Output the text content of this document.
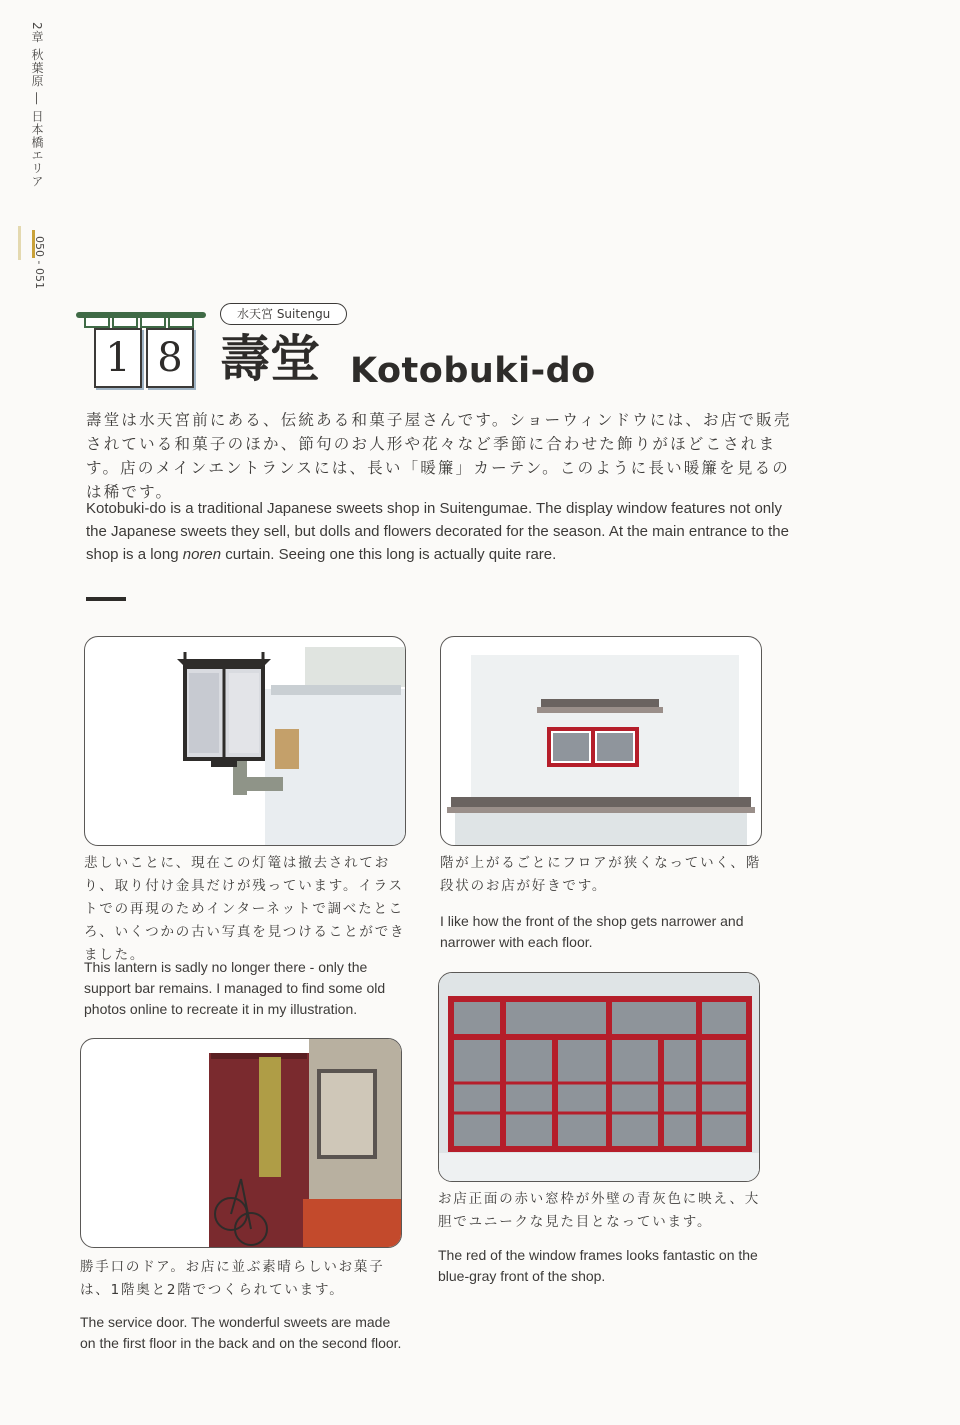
2章 秋葉原 ― 日本橋エリア
050 - 051
1 8
水天宮 Suitengu
壽堂 Kotobuki-do
壽堂は水天宮前にある、伝統ある和菓子屋さんです。ショーウィンドウには、お店で販売されている和菓子のほか、節句のお人形や花々など季節に合わせた飾りがほどこされます。店のメインエントランスには、長い「暖簾」カーテン。このように長い暖簾を見るのは稀です。
Kotobuki-do is a traditional Japanese sweets shop in Suitengumae. The display window features not only the Japanese sweets they sell, but dolls and flowers decorated for the season. At the main entrance to the shop is a long noren curtain. Seeing one this long is actually quite rare.
悲しいことに、現在この灯篭は撤去されており、取り付け金具だけが残っています。イラストでの再現のためインターネットで調べたところ、いくつかの古い写真を見つけることができました。
This lantern is sadly no longer there - only the support bar remains. I managed to find some old photos online to recreate it in my illustration.
階が上がるごとにフロアが狭くなっていく、階段状のお店が好きです。
I like how the front of the shop gets narrower and narrower with each floor.
勝手口のドア。お店に並ぶ素晴らしいお菓子は、1階奥と2階でつくられています。
The service door. The wonderful sweets are made on the first floor in the back and on the second floor.
お店正面の赤い窓枠が外壁の青灰色に映え、大胆でユニークな見た目となっています。
The red of the window frames looks fantastic on the blue-gray front of the shop.
